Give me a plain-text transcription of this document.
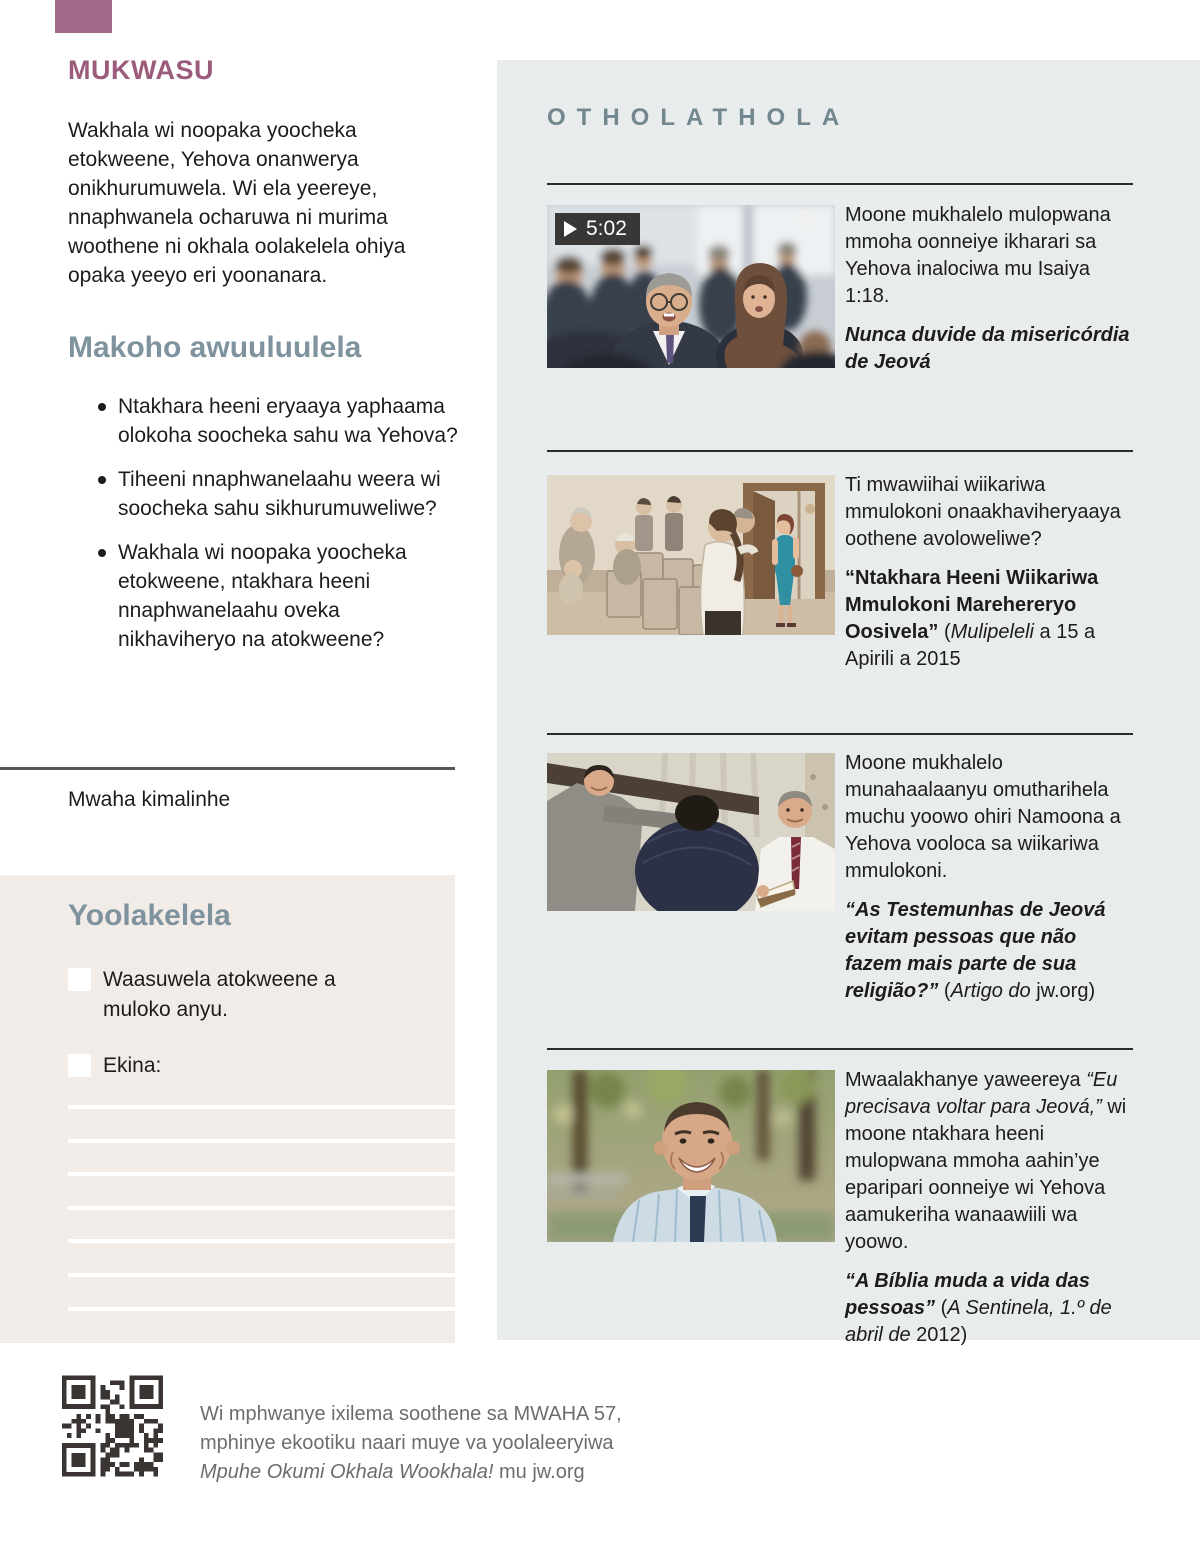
MUKWASU

Wakhala wi noopaka yoocheka etokweene, Yehova onanwerya onikhurumuwela. Wi ela yeereye, nnaphwanela ocharuwa ni murima woothene ni okhala oolakelela ohiya opaka yeeyo eri yoonanara.

Makoho awuuluulela
Ntakhara heeni eryaaya yaphaama olokoha soocheka sahu wa Yehova?
Tiheeni nnaphwanelaahu weera wi soocheka sahu sikhurumuweliwe?
Wakhala wi noopaka yoocheka etokweene, ntakhara heeni nnaphwanelaahu oveka nikhaviheryo na atokweene?
Mwaha kimalinhe
Yoolakelela
Waasuwela atokweene a muloko anyu.
Ekina:
Wi mphwanye ixilema soothene sa MWAHA 57,
mphinye ekootiku naari muye va yoolaleeryiwa
Mpuhe Okumi Okhala Wookhala! mu jw.org
OTHOLATHOLA
5:02

Moone mukhalelo mulopwana mmoha oonneiye ikharari sa Yehova inalociwa mu Isaiya 1:18.

Nunca duvide da misericórdia de Jeová

Ti mwawiihai wiikariwa mmulokoni onaakhaviheryaaya oothene avoloweliwe?

“Ntakhara Heeni Wiikariwa Mmulokoni Marehereryo Oosivela” (Mulipeleli a 15 a Apirili a 2015

Moone mukhalelo munahaalaanyu omutharihela muchu yoowo ohiri Namoona a Yehova vooloca sa wiikariwa mmulokoni.

“As Testemunhas de Jeová evitam pessoas que não fazem mais parte de sua religião?” (Artigo do jw.org)

Mwaalakhanye yaweereya “Eu precisava voltar para Jeová,” wi moone ntakhara heeni mulopwana mmoha aahin’ye eparipari oonneiye wi Yehova aamukeriha wanaawiili wa yoowo.

“A Bíblia muda a vida das pessoas” (A Sentinela, 1.º de abril de 2012)
